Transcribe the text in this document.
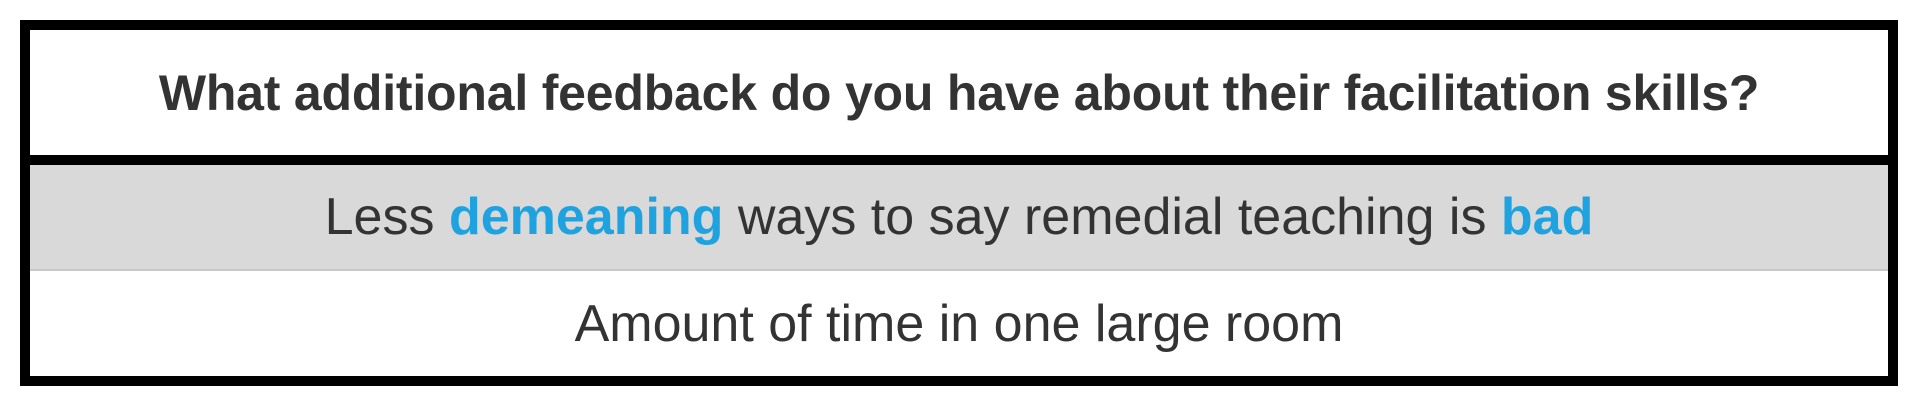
What additional feedback do you have about their facilitation skills?
Less demeaning ways to say remedial teaching is bad
Amount of time in one large room
